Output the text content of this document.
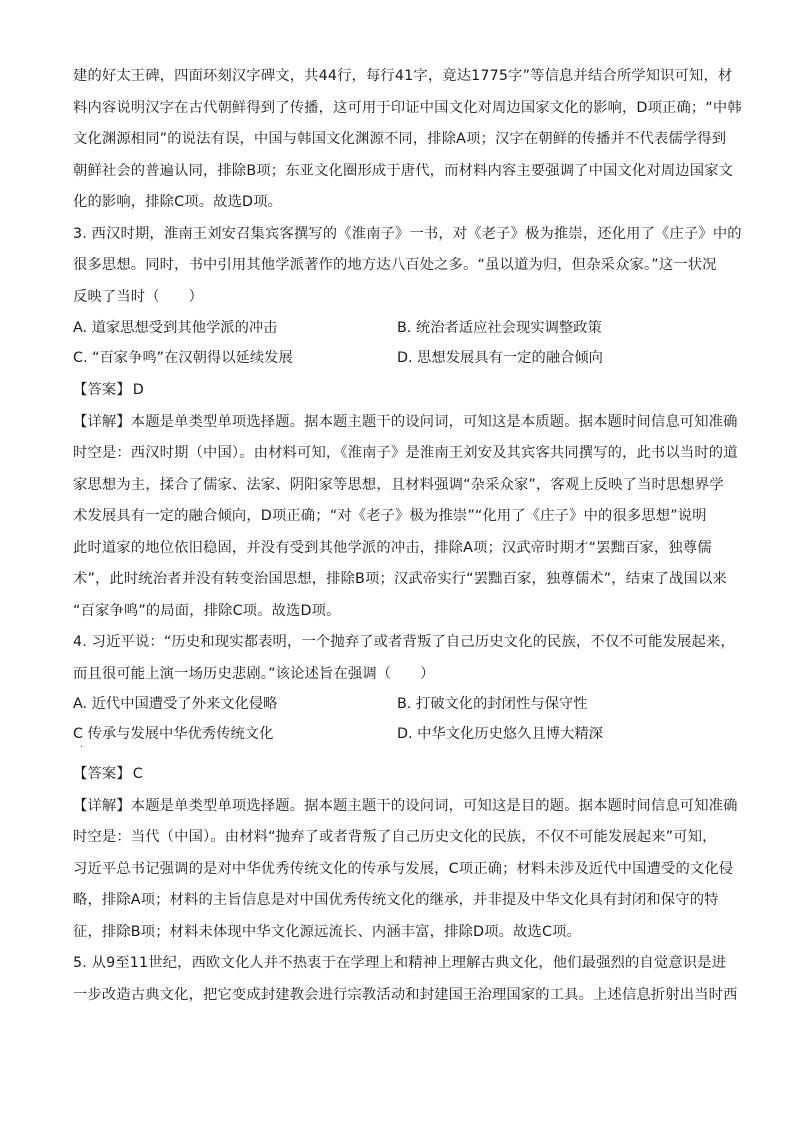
建的好太王碑，四面环刻汉字碑文，共44行，每行41字，竟达1775字”等信息并结合所学知识可知，材
料内容说明汉字在古代朝鲜得到了传播，这可用于印证中国文化对周边国家文化的影响，D项正确；“中韩
文化渊源相同”的说法有误，中国与韩国文化渊源不同，排除A项；汉字在朝鲜的传播并不代表儒学得到
朝鲜社会的普遍认同，排除B项；东亚文化圈形成于唐代，而材料内容主要强调了中国文化对周边国家文
化的影响，排除C项。故选D项。
3. 西汉时期，淮南王刘安召集宾客撰写的《淮南子》一书，对《老子》极为推崇，还化用了《庄子》中的
很多思想。同时，书中引用其他学派著作的地方达八百处之多。“虽以道为归，但杂采众家。”这一状况
反映了当时（　　）
A. 道家思想受到其他学派的冲击	B. 统治者适应社会现实调整政策
C. “百家争鸣”在汉朝得以延续发展	D. 思想发展具有一定的融合倾向
【答案】 D
【详解】本题是单类型单项选择题。据本题主题干的设问词，可知这是本质题。据本题时间信息可知准确
时空是：西汉时期（中国）。由材料可知，《淮南子》是淮南王刘安及其宾客共同撰写的，此书以当时的道
家思想为主，揉合了儒家、法家、阴阳家等思想，且材料强调“杂采众家”，客观上反映了当时思想界学
术发展具有一定的融合倾向，D项正确；“对《老子》极为推崇”“化用了《庄子》中的很多思想”说明
此时道家的地位依旧稳固，并没有受到其他学派的冲击，排除A项；汉武帝时期才“罢黜百家，独尊儒
术”，此时统治者并没有转变治国思想，排除B项；汉武帝实行“罢黜百家，独尊儒术”，结束了战国以来
“百家争鸣”的局面，排除C项。故选D项。
4. 习近平说：“历史和现实都表明，一个抛弃了或者背叛了自己历史文化的民族，不仅不可能发展起来，
而且很可能上演一场历史悲剧。”该论述旨在强调（　　）
A. 近代中国遭受了外来文化侵略	B. 打破文化的封闭性与保守性
C 传承与发展中华优秀传统文化	D. 中华文化历史悠久且博大精深
·
【答案】 C
【详解】本题是单类型单项选择题。据本题主题干的设问词，可知这是目的题。据本题时间信息可知准确
时空是：当代（中国）。由材料“抛弃了或者背叛了自己历史文化的民族，不仅不可能发展起来”可知，
习近平总书记强调的是对中华优秀传统文化的传承与发展，C项正确；材料未涉及近代中国遭受的文化侵
略，排除A项；材料的主旨信息是对中国优秀传统文化的继承，并非提及中华文化具有封闭和保守的特
征，排除B项；材料未体现中华文化源远流长、内涵丰富，排除D项。故选C项。
5. 从9至11世纪，西欧文化人并不热衷于在学理上和精神上理解古典文化，他们最强烈的自觉意识是进
一步改造古典文化，把它变成封建教会进行宗教活动和封建国王治理国家的工具。上述信息折射出当时西
